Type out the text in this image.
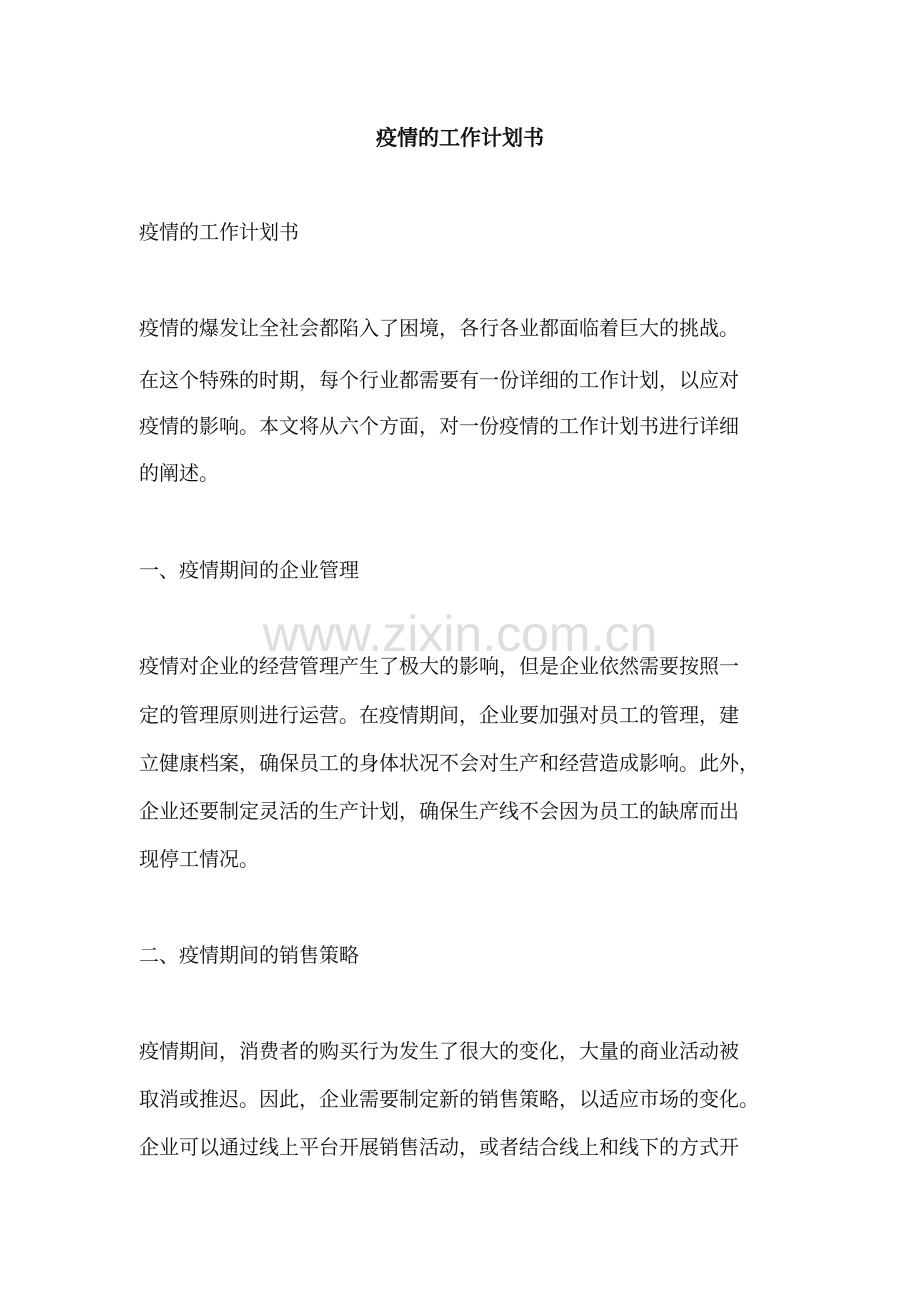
疫情的工作计划书

疫情的工作计划书

疫情的爆发让全社会都陷入了困境，各行各业都面临着巨大的挑战。

在这个特殊的时期，每个行业都需要有一份详细的工作计划，以应对

疫情的影响。本文将从六个方面，对一份疫情的工作计划书进行详细

的阐述。

一、疫情期间的企业管理

www.zixin.com.cn

疫情对企业的经营管理产生了极大的影响，但是企业依然需要按照一

定的管理原则进行运营。在疫情期间，企业要加强对员工的管理，建

立健康档案，确保员工的身体状况不会对生产和经营造成影响。此外，

企业还要制定灵活的生产计划，确保生产线不会因为员工的缺席而出

现停工情况。

二、疫情期间的销售策略

疫情期间，消费者的购买行为发生了很大的变化，大量的商业活动被

取消或推迟。因此，企业需要制定新的销售策略，以适应市场的变化。

企业可以通过线上平台开展销售活动，或者结合线上和线下的方式开
